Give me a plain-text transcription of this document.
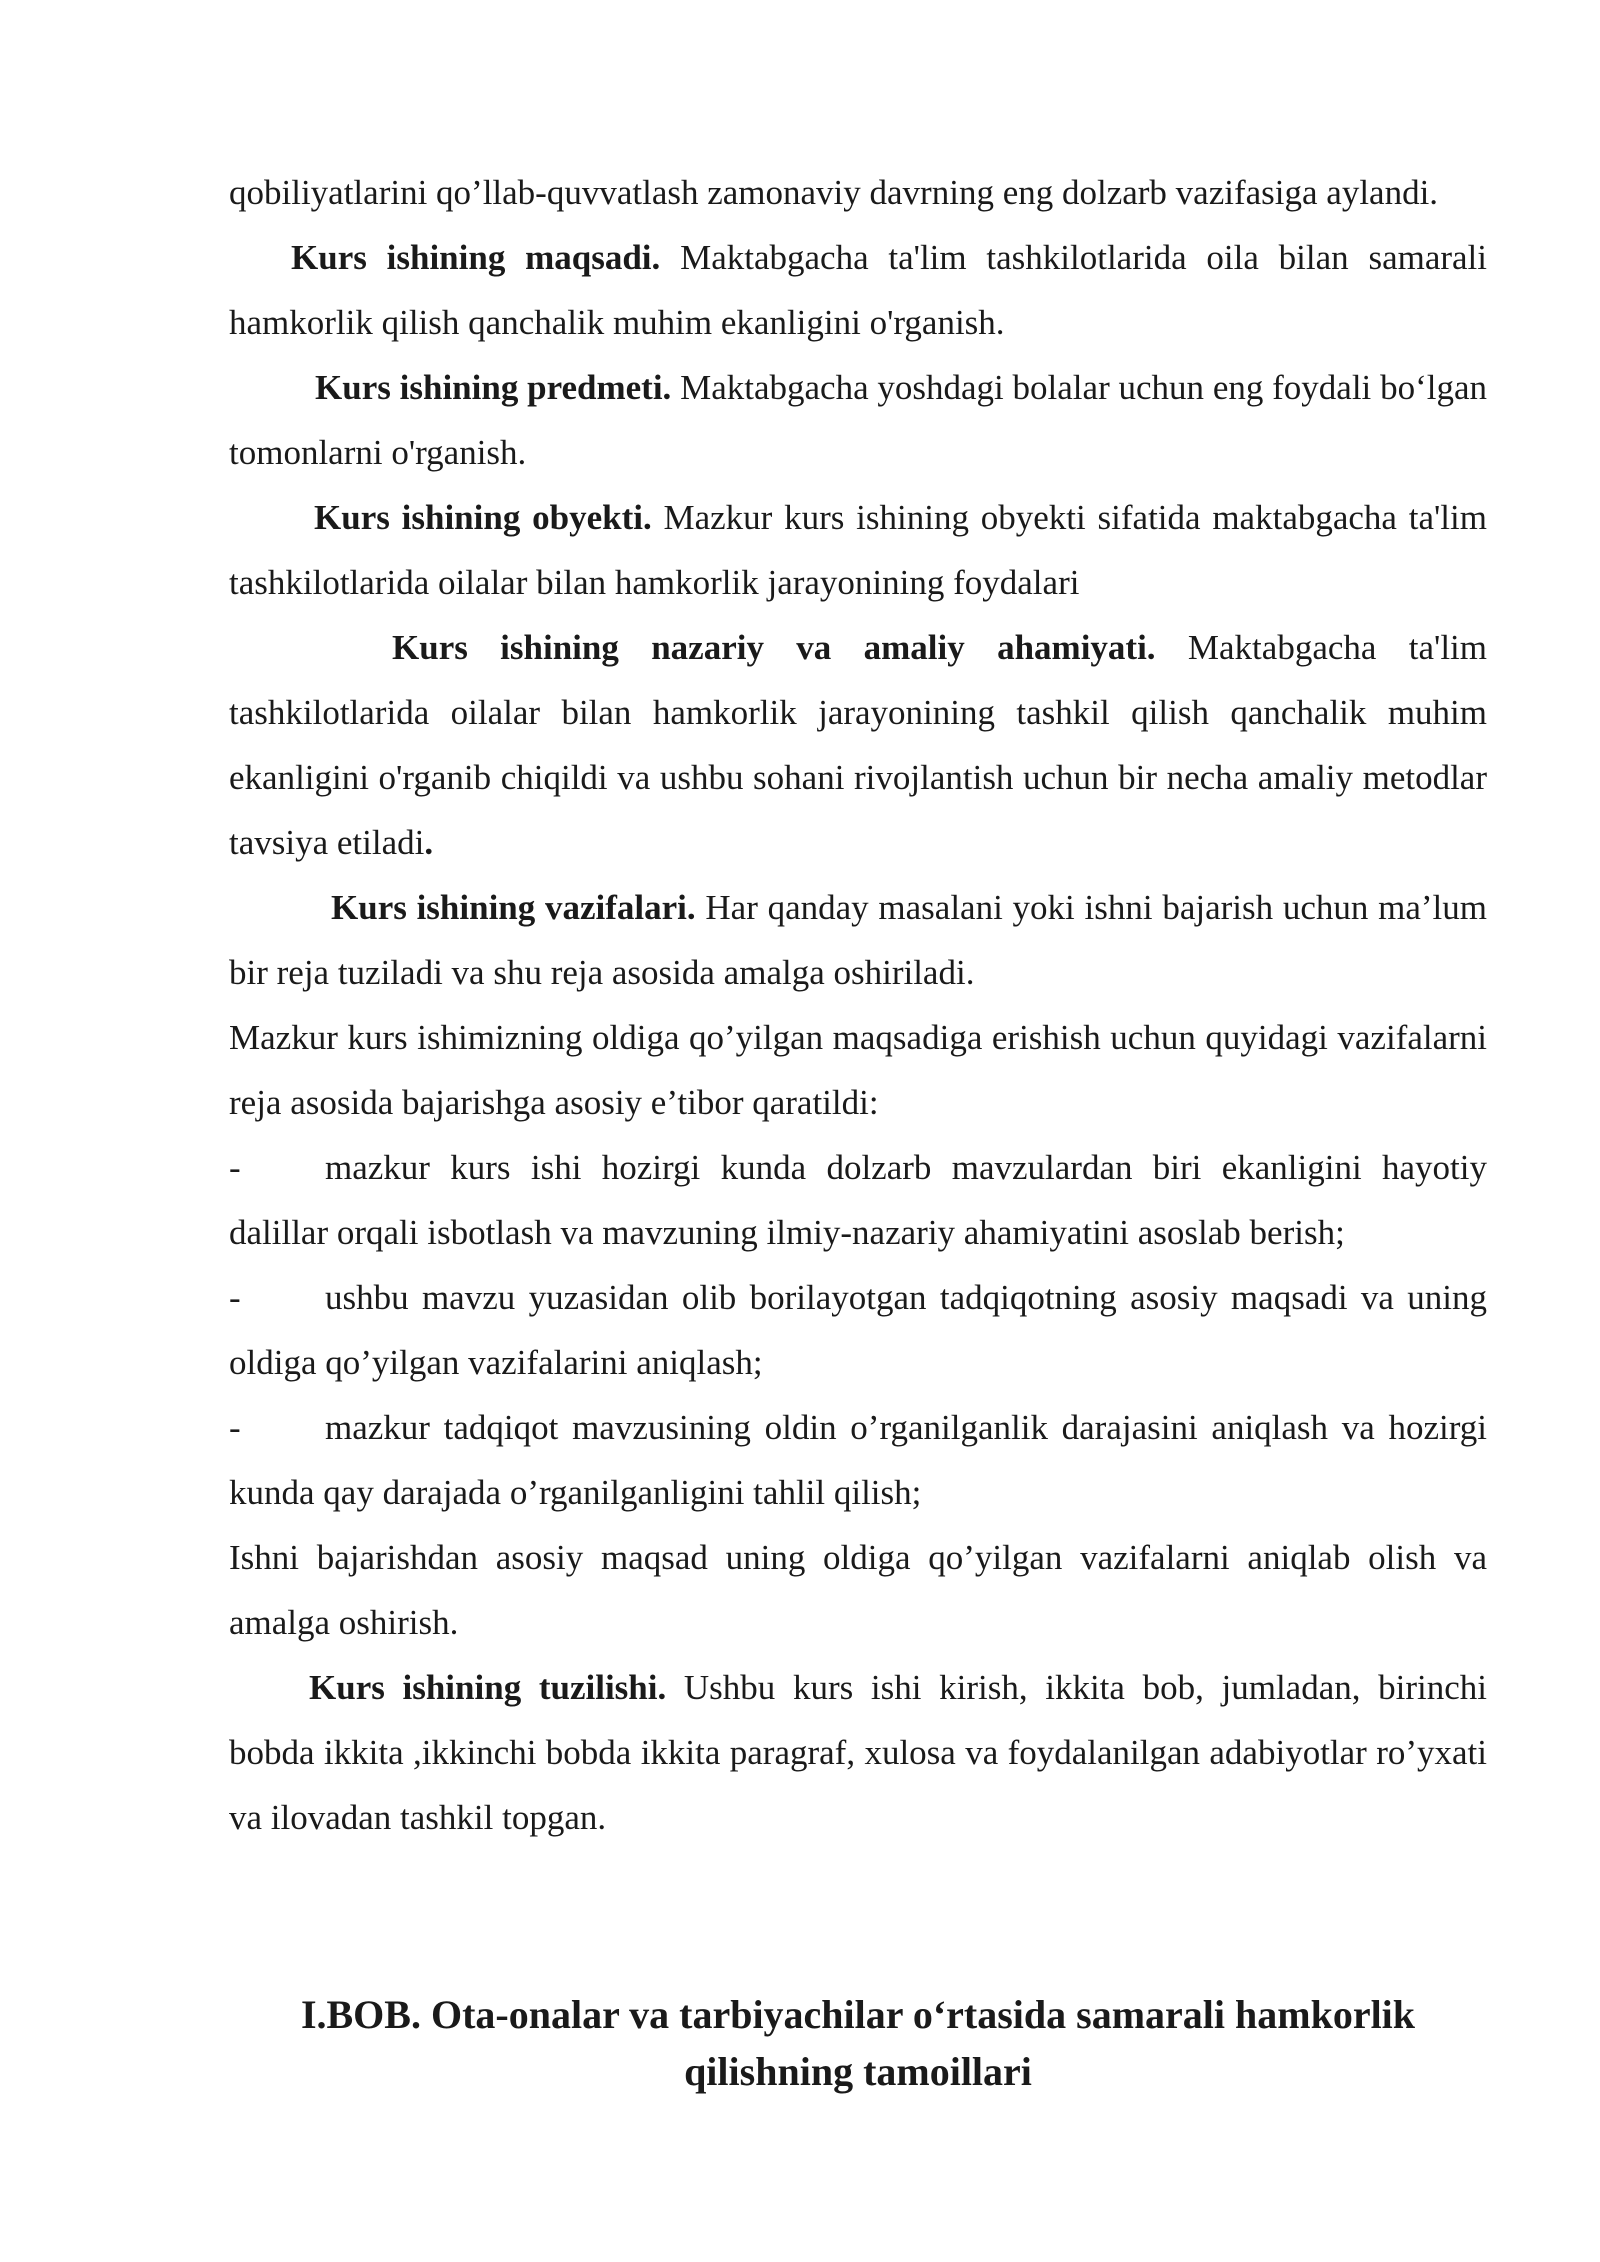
qobiliyatlarini qo’llab-quvvatlash zamonaviy davrning eng dolzarb vazifasiga aylandi.

Kurs ishining maqsadi. Maktabgacha ta'lim tashkilotlarida oila bilan samarali hamkorlik qilish qanchalik muhim ekanligini o'rganish.

Kurs ishining predmeti. Maktabgacha yoshdagi bolalar uchun eng foydali bo‘lgan tomonlarni o'rganish.

Kurs ishining obyekti. Mazkur kurs ishining obyekti sifatida maktabgacha ta'lim tashkilotlarida oilalar bilan hamkorlik jarayonining foydalari

Kurs ishining nazariy va amaliy ahamiyati. Maktabgacha ta'lim tashkilotlarida oilalar bilan hamkorlik jarayonining tashkil qilish qanchalik muhim ekanligini o'rganib chiqildi va ushbu sohani rivojlantish uchun bir necha amaliy metodlar tavsiya etiladi.

Kurs ishining vazifalari. Har qanday masalani yoki ishni bajarish uchun ma’lum bir reja tuziladi va shu reja asosida amalga oshiriladi.

Mazkur kurs ishimizning oldiga qo’yilgan maqsadiga erishish uchun quyidagi vazifalarni reja asosida bajarishga asosiy e’tibor qaratildi:

- mazkur kurs ishi hozirgi kunda dolzarb mavzulardan biri ekanligini hayotiy dalillar orqali isbotlash va mavzuning ilmiy-nazariy ahamiyatini asoslab berish;

- ushbu mavzu yuzasidan olib borilayotgan tadqiqotning asosiy maqsadi va uning oldiga qo’yilgan vazifalarini aniqlash;

- mazkur tadqiqot mavzusining oldin o’rganilganlik darajasini aniqlash va hozirgi kunda qay darajada o’rganilganligini tahlil qilish;

Ishni bajarishdan asosiy maqsad uning oldiga qo’yilgan vazifalarni aniqlab olish va amalga oshirish.

Kurs ishining tuzilishi. Ushbu kurs ishi kirish, ikkita bob, jumladan, birinchi bobda ikkita ,ikkinchi bobda ikkita paragraf, xulosa va foydalanilgan adabiyotlar ro’yxati va ilovadan tashkil topgan.

I.BOB. Ota-onalar va tarbiyachilar o‘rtasida samarali hamkorlik
qilishning tamoillari
